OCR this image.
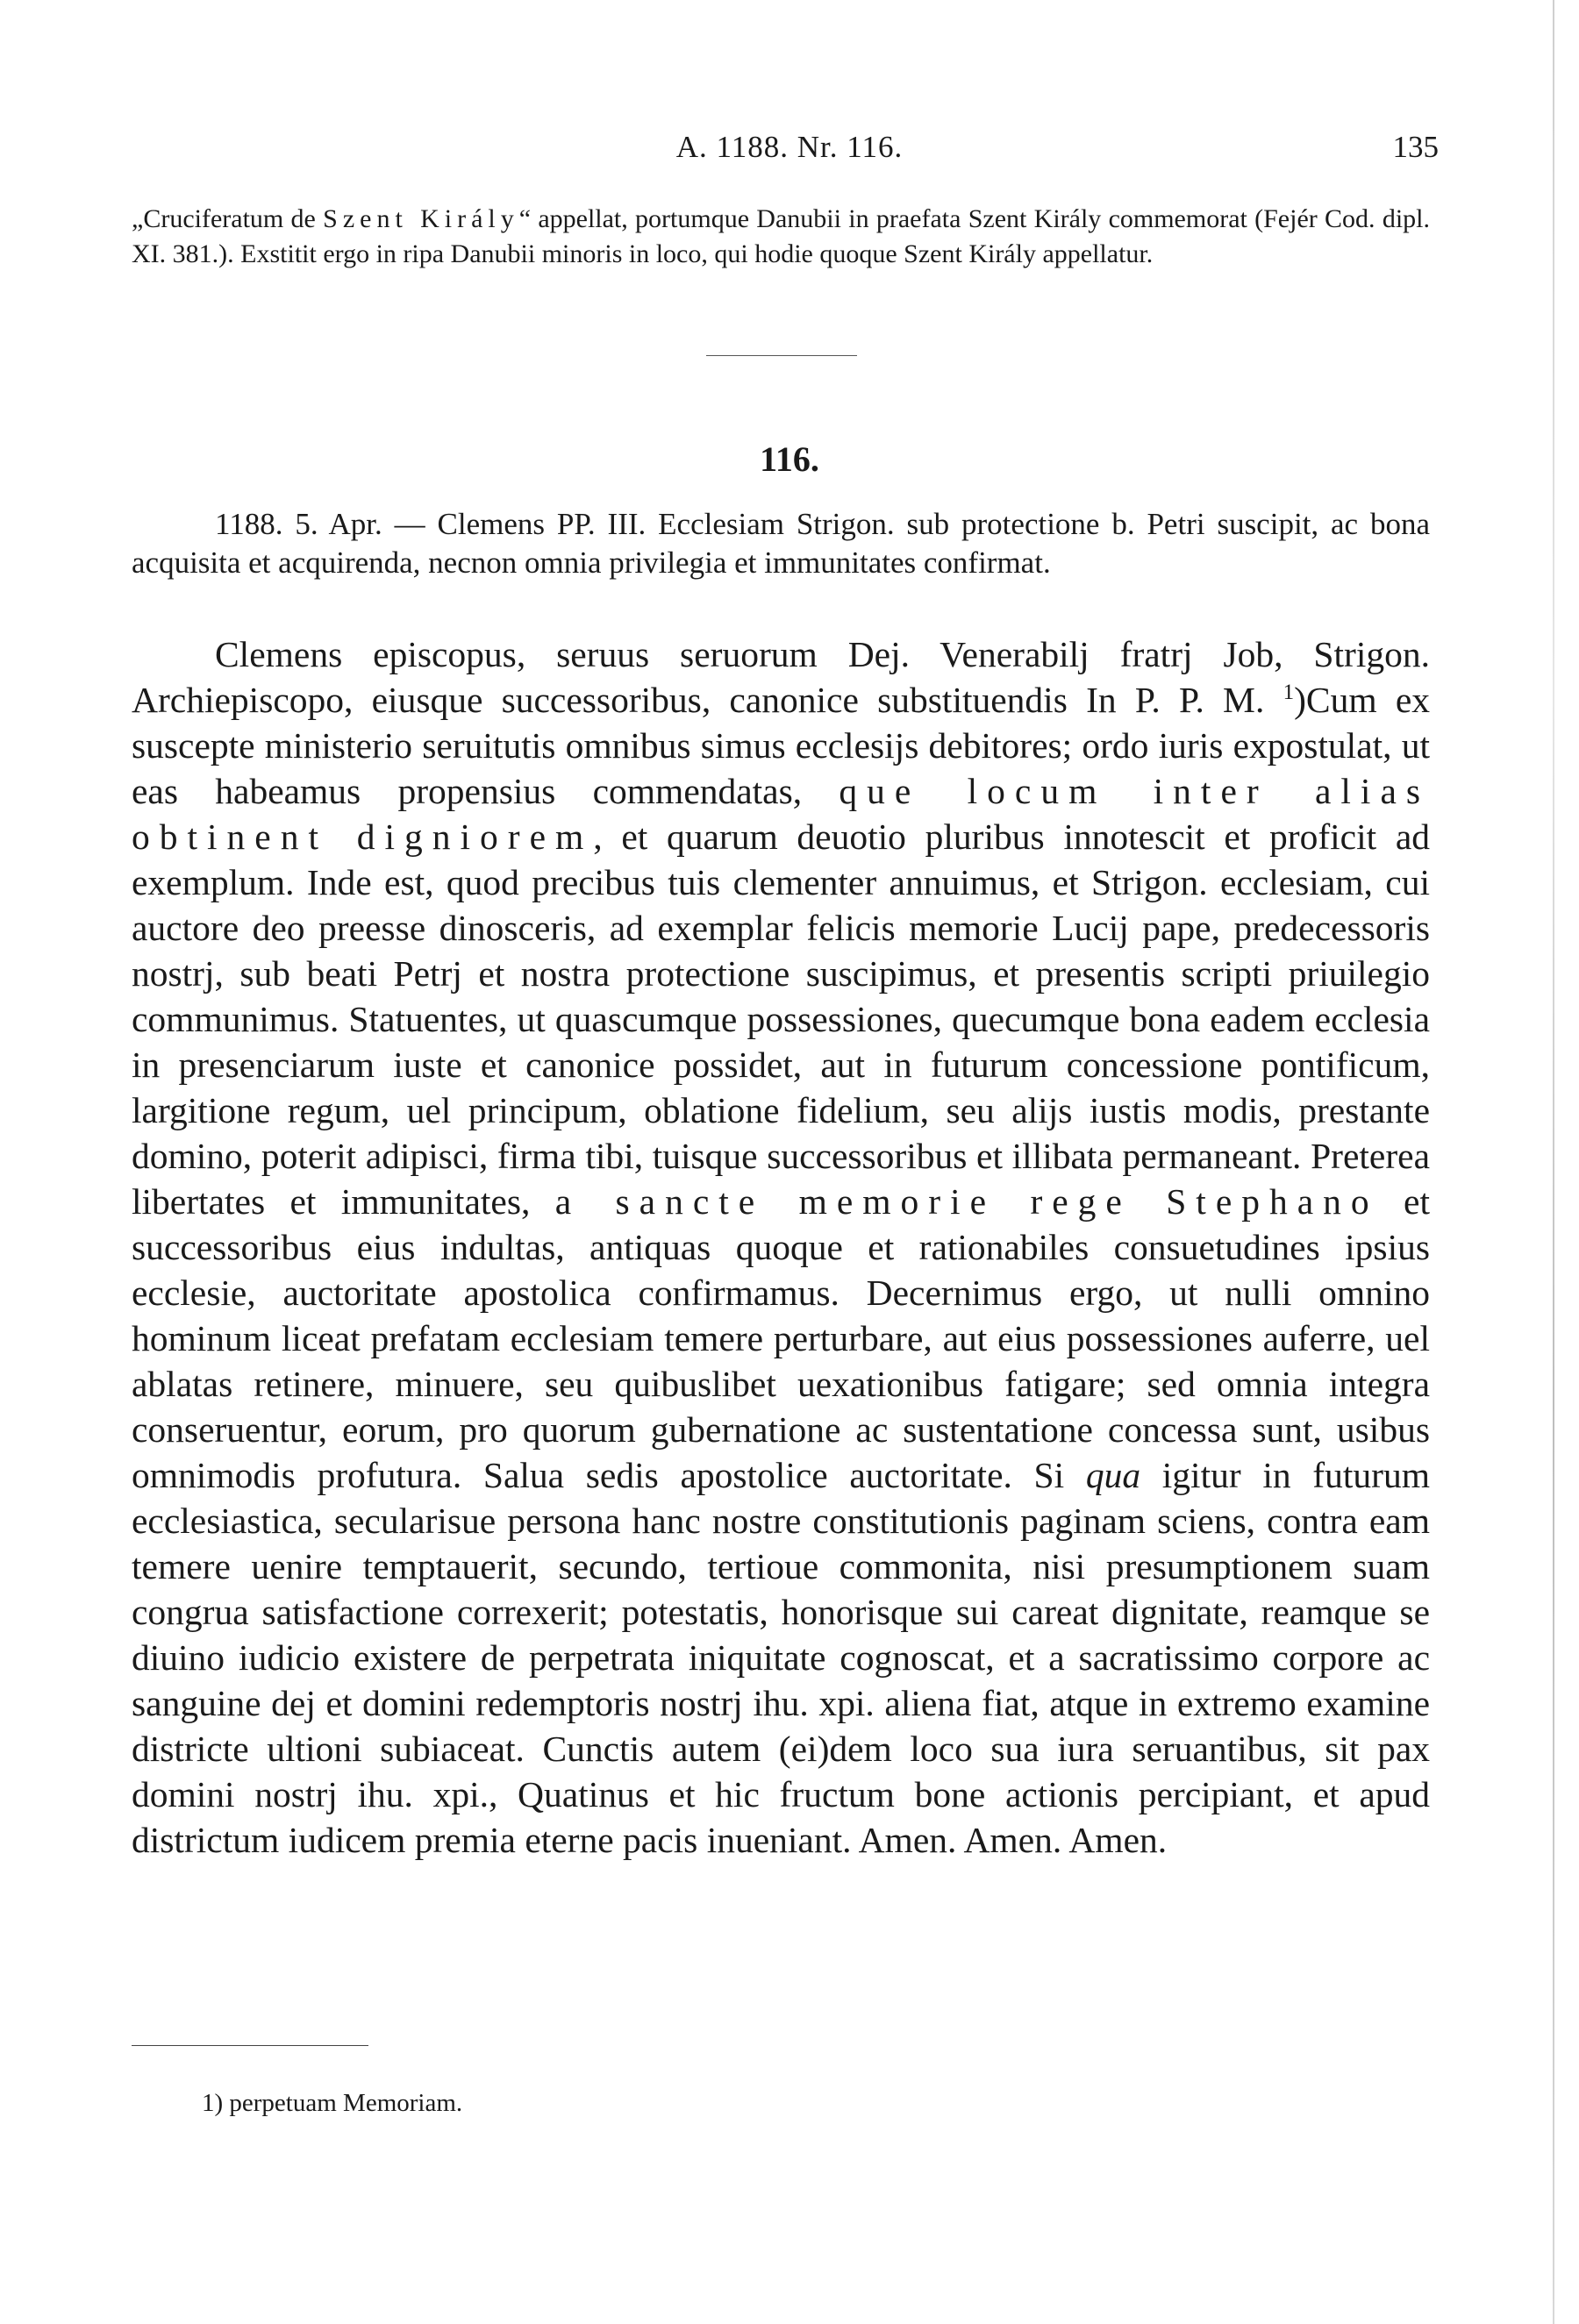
A. 1188. Nr. 116.	135

„Cruciferatum de Szent Király“ appellat, portumque Danubii in praefata Szent Király commemorat (Fejér Cod. dipl. XI. 381.). Exstitit ergo in ripa Danubii minoris in loco, qui hodie quoque Szent Király appellatur.

116.

1188. 5. Apr. — Clemens PP. III. Ecclesiam Strigon. sub protectione b. Petri suscipit, ac bona acquisita et acquirenda, necnon omnia privilegia et immunitates confirmat.

Clemens episcopus, seruus seruorum Dej. Venerabilj fratrj Job, Strigon. Archiepiscopo, eiusque successoribus, canonice substituendis In P. P. M. $^1$)Cum ex suscepte ministerio seruitutis omnibus simus ecclesijs debitores; ordo iuris expostulat, ut eas habeamus propensius commendatas, que locum inter alias obtinent digniorem, et quarum deuotio pluribus innotescit et proficit ad exemplum. Inde est, quod precibus tuis clementer annuimus, et Strigon. ecclesiam, cui auctore deo preesse dinosceris, ad exemplar felicis memorie Lucij pape, predecessoris nostrj, sub beati Petrj et nostra protectione suscipimus, et presentis scripti priuilegio communimus. Statuentes, ut quascumque possessiones, quecumque bona eadem ecclesia in presenciarum iuste et canonice possidet, aut in futurum concessione pontificum, largitione regum, uel principum, oblatione fidelium, seu alijs iustis modis, prestante domino, poterit adipisci, firma tibi, tuisque successoribus et illibata permaneant. Preterea libertates et immunitates, a sancte memorie rege Stephano et successoribus eius indultas, antiquas quoque et rationabiles consuetudines ipsius ecclesie, auctoritate apostolica confirmamus. Decernimus ergo, ut nulli omnino hominum liceat prefatam ecclesiam temere perturbare, aut eius possessiones auferre, uel ablatas retinere, minuere, seu quibuslibet uexationibus fatigare; sed omnia integra conseruentur, eorum, pro quorum gubernatione ac sustentatione concessa sunt, usibus omnimodis profutura. Salua sedis apostolice auctoritate. Si qua igitur in futurum ecclesiastica, secularisue persona hanc nostre constitutionis paginam sciens, contra eam temere uenire temptauerit, secundo, tertioue commonita, nisi presumptionem suam congrua satisfactione correxerit; potestatis, honorisque sui careat dignitate, reamque se diuino iudicio existere de perpetrata iniquitate cognoscat, et a sacratissimo corpore ac sanguine dej et domini redemptoris nostrj ihu. xpi. aliena fiat, atque in extremo examine districte ultioni subiaceat. Cunctis autem (ei)dem loco sua iura seruantibus, sit pax domini nostrj ihu. xpi., Quatinus et hic fructum bone actionis percipiant, et apud districtum iudicem premia eterne pacis inueniant. Amen. Amen. Amen.

1) perpetuam Memoriam.
